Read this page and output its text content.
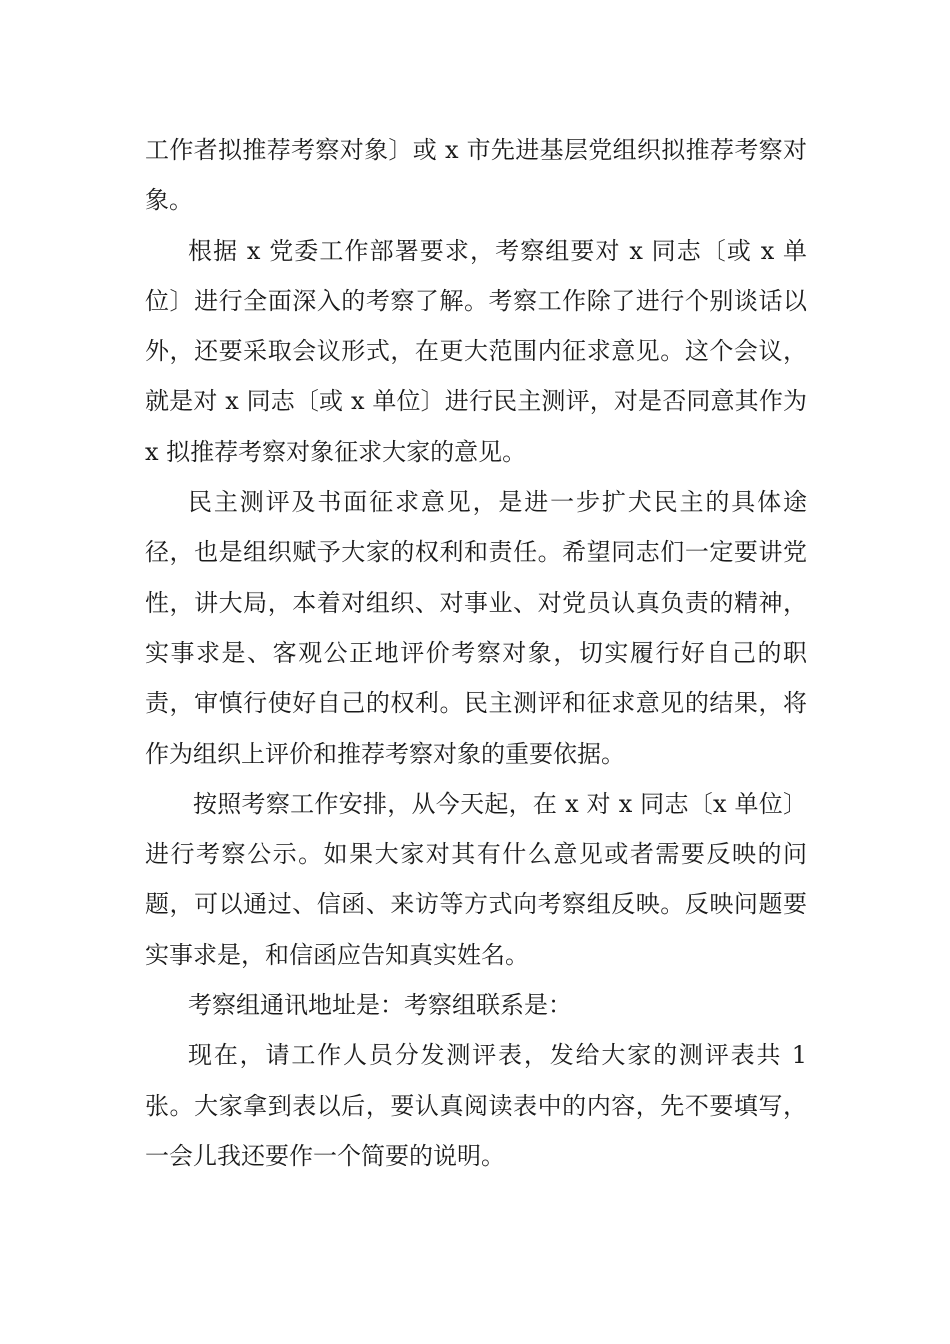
工作者拟推荐考察对象〕或 x 市先进基层党组织拟推荐考察对象。

根据 x 党委工作部署要求，考察组要对 x 同志〔或 x 单位〕进行全面深入的考察了解。考察工作除了进行个别谈话以外，还要采取会议形式，在更大范围内征求意见。这个会议，就是对 x 同志〔或 x 单位〕进行民主测评，对是否同意其作为 x 拟推荐考察对象征求大家的意见。

民主测评及书面征求意见，是进一步扩犬民主的具体途径，也是组织赋予大家的权利和责任。希望同志们一定要讲党性，讲大局，本着对组织、对事业、对党员认真负责的精神，实事求是、客观公正地评价考察对象，切实履行好自己的职责，审慎行使好自己的权利。民主测评和征求意见的结果，将作为组织上评价和推荐考察对象的重要依据。

按照考察工作安排，从今天起，在 x 对 x 同志〔x 单位〕进行考察公示。如果大家对其有什么意见或者需要反映的问题，可以通过、信函、来访等方式向考察组反映。反映问题要实事求是，和信函应告知真实姓名。

考察组通讯地址是：考察组联系是：

现在，请工作人员分发测评表，发给大家的测评表共 1 张。大家拿到表以后，要认真阅读表中的内容，先不要填写，一会儿我还要作一个简要的说明。
